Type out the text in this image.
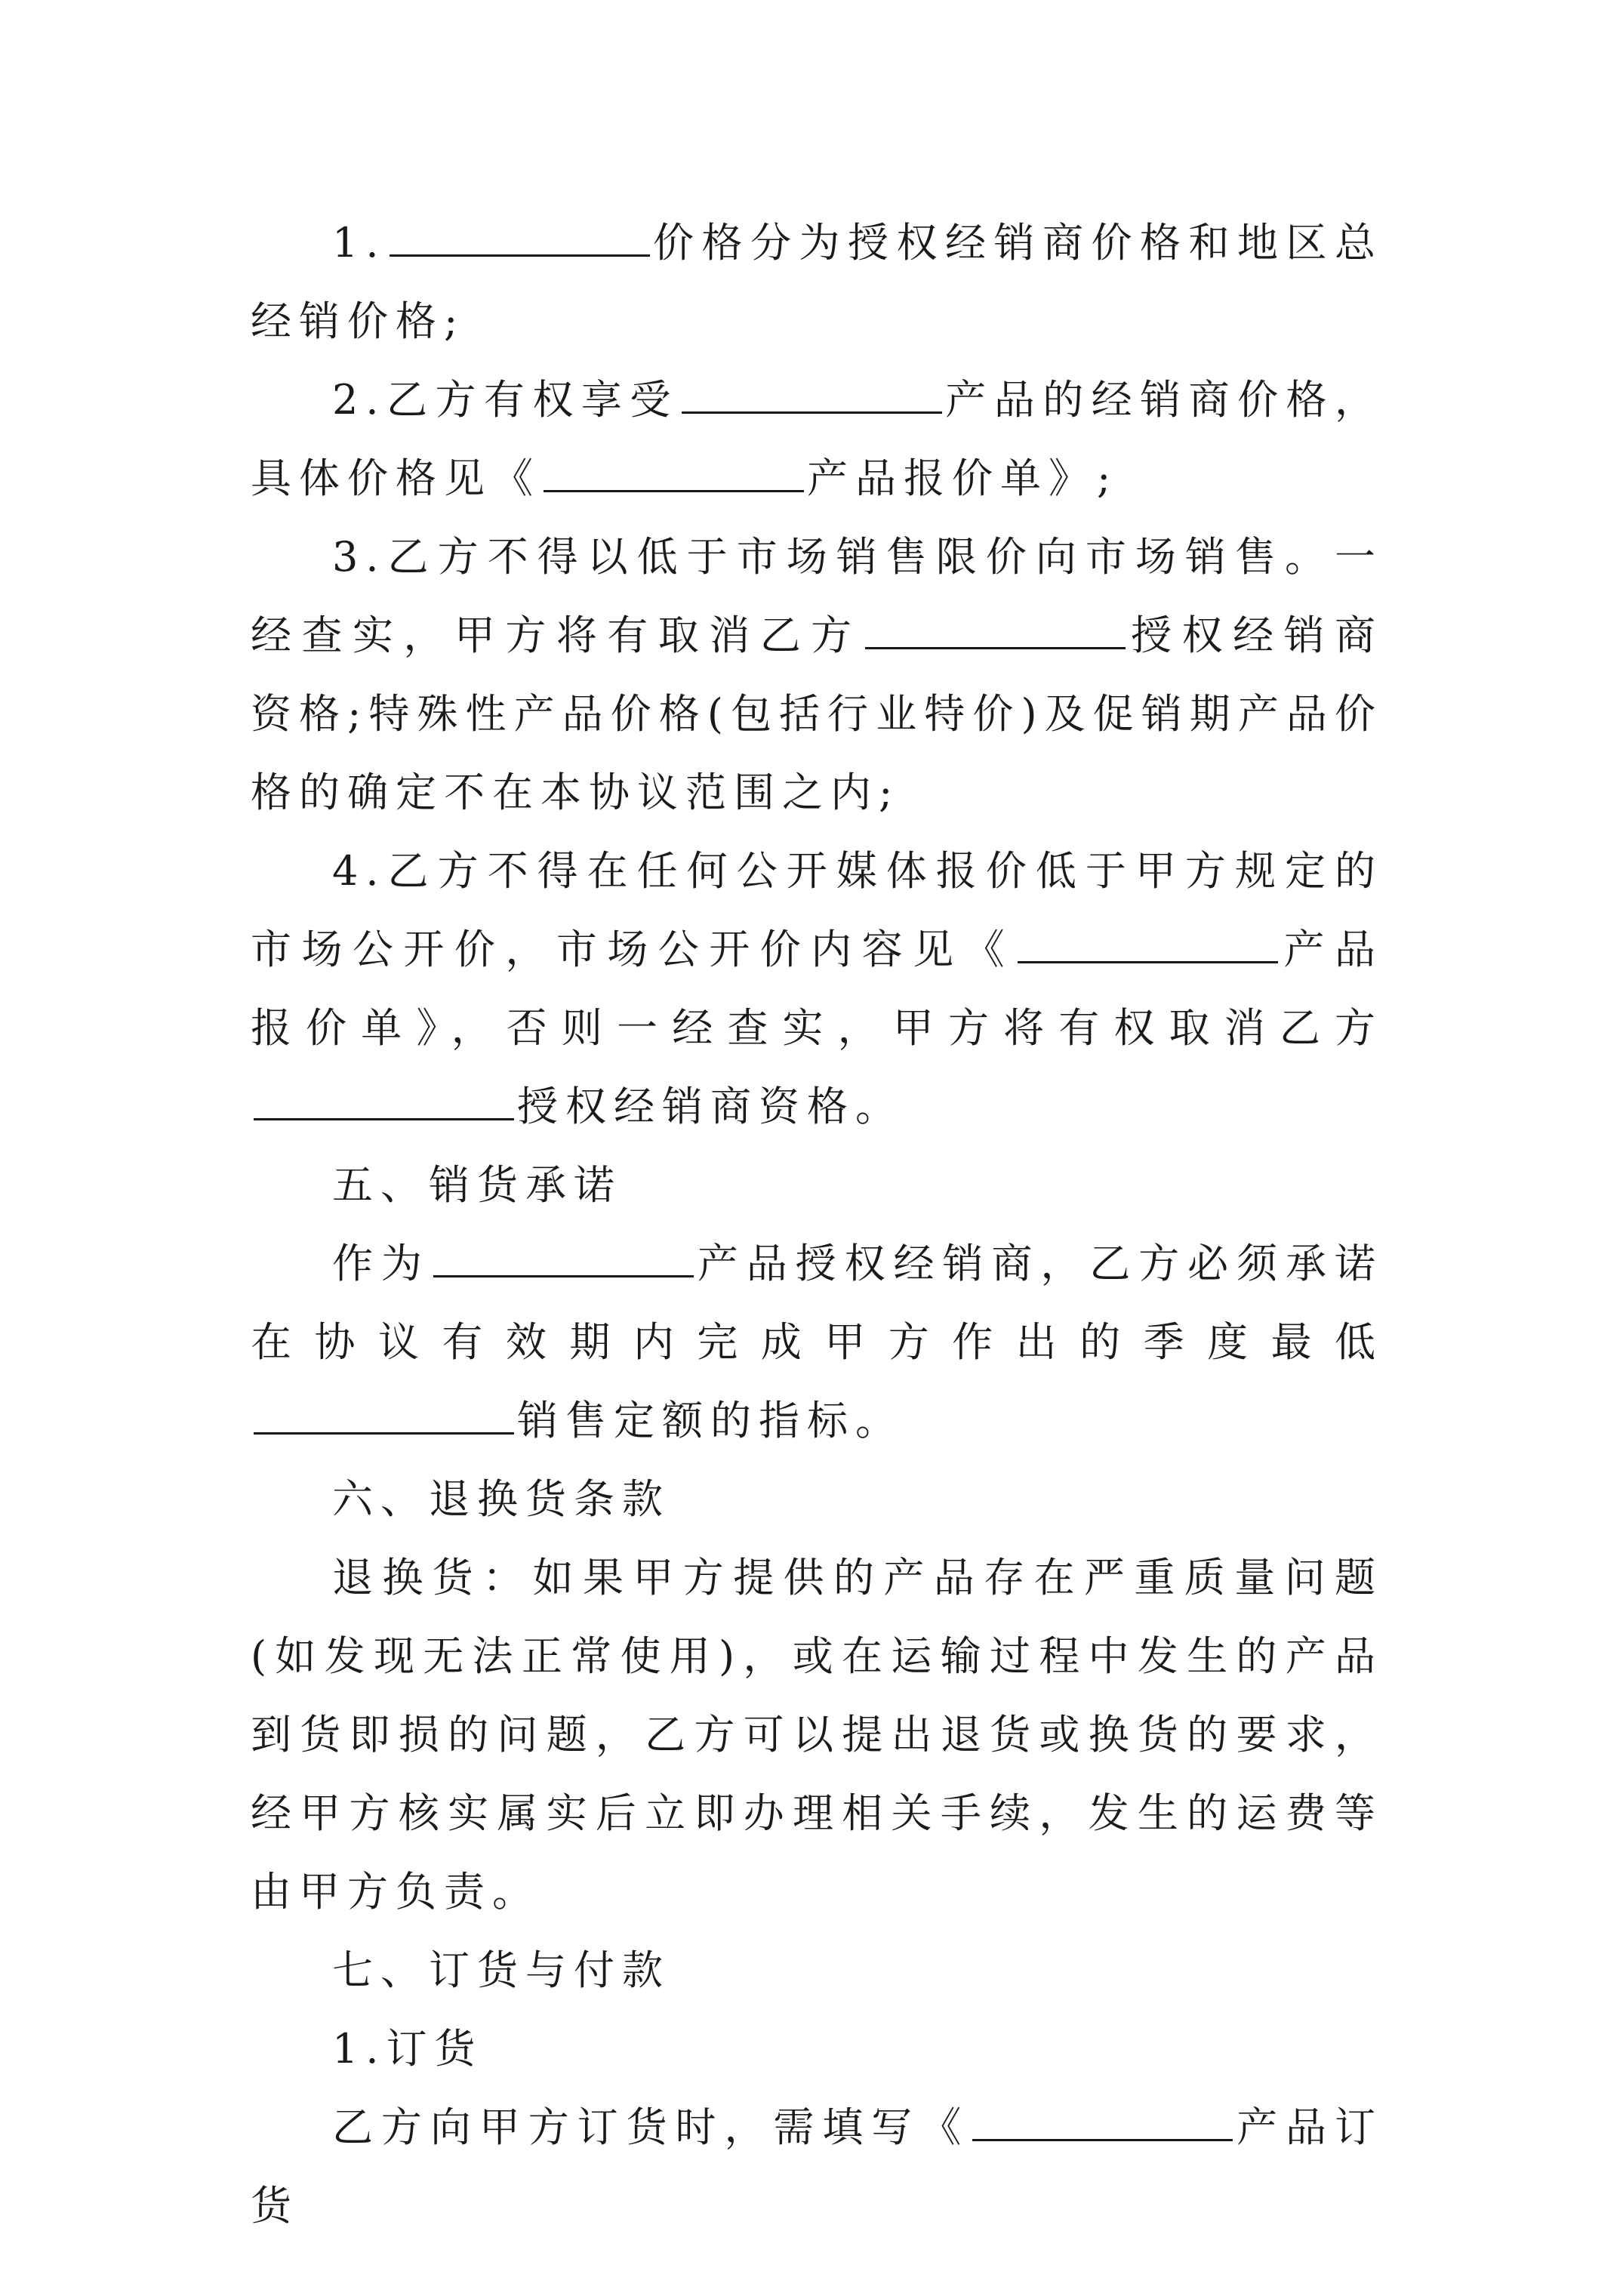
1.	价格分为授权经销商价格和地区总经销价格;

2.乙方有权享受	产品的经销商价格，具体价格见《	产品报价单》;

3.乙方不得以低于市场销售限价向市场销售。一经查实，甲方将有取消乙方	授权经销商资格;特殊性产品价格(包括行业特价)及促销期产品价格的确定不在本协议范围之内;

4.乙方不得在任何公开媒体报价低于甲方规定的市场公开价，市场公开价内容见《	产品报价单》，否则一经查实，甲方将有权取消乙方授权经销商资格。

五、销货承诺

作为	产品授权经销商，乙方必须承诺在协议有效期内完成甲方作出的季度最低销售定额的指标。

六、退换货条款

退换货：如果甲方提供的产品存在严重质量问题(如发现无法正常使用)，或在运输过程中发生的产品到货即损的问题，乙方可以提出退货或换货的要求， 经甲方核实属实后立即办理相关手续，发生的运费等由甲方负责。

七、订货与付款

1.订货

乙方向甲方订货时，需填写《	产品订货
